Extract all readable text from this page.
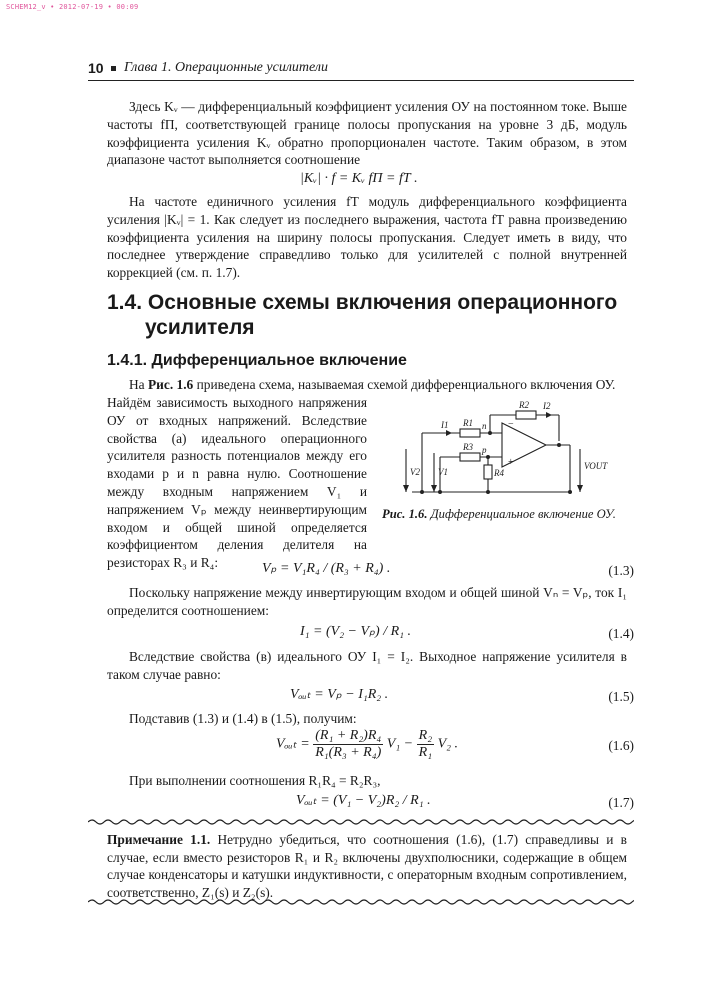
SCHEM12_v • 2012-07-19 • 00:09
10 Глава 1. Операционные усилители
Здесь Kᵥ — дифференциальный коэффициент усиления ОУ на постоянном токе. Выше частоты fП, соответствующей границе полосы пропускания на уровне 3 дБ, модуль коэффициента усиления Kᵥ обратно пропорционален частоте. Таким образом, в этом диапазоне частот выполняется соотношение
|Kᵥ| · f = Kᵥ fП = fТ .
На частоте единичного усиления fТ модуль дифференциального коэффициента усиления |Kᵥ| = 1. Как следует из последнего выражения, частота fТ равна произведению коэффициента усиления на ширину полосы пропускания. Следует иметь в виду, что последнее утверждение справедливо только для усилителей с полной внутренней коррекцией (см. п. 1.7).
1.4. Основные схемы включения операционного
усилителя
1.4.1. Дифференциальное включение
На Рис. 1.6 приведена схема, называемая схемой дифференциального включения ОУ.
Найдём зависимость выходного напряжения ОУ от входных напряжений. Вследствие свойства (а) идеального операционного усилителя разность потенциалов между его входами p и n равна нулю. Соотношение между входным напряжением V₁ и напряжением Vₚ между неинвертирующим входом и общей шиной определяется коэффициентом деления делителя на резисторах R₃ и R₄:
−
+
R1
R2
R3
R4
I1
I2
n
p
V2 V1
VOUT
Рис. 1.6. Дифференциальное включение ОУ.
Vₚ = V₁R₄ / (R₃ + R₄) .	(1.3)
Поскольку напряжение между инвертирующим входом и общей шиной Vₙ = Vₚ, ток I₁ определится соотношением:
I₁ = (V₂ − Vₚ) / R₁ .	(1.4)
Вследствие свойства (в) идеального ОУ I₁ = I₂. Выходное напряжение усилителя в таком случае равно:
Vₒᵤₜ = Vₚ − I₁R₂ .	(1.5)
Подставив (1.3) и (1.4) в (1.5), получим:
Vₒᵤₜ = $\frac{\text{(R₁ + R₂)R₄}}{\text{R₁(R₃ + R₄)}} V_1 - \frac{\text{R₂}}{\text{R₁}} V_2$ .	(1.6)
При выполнении соотношения R₁R₄ = R₂R₃,
Vₒᵤₜ = (V₁ − V₂)R₂ / R₁ .	(1.7)
Примечание 1.1. Нетрудно убедиться, что соотношения (1.6), (1.7) справедливы и в случае, если вместо резисторов R₁ и R₂ включены двухполюсники, содержащие в общем случае конденсаторы и катушки индуктивности, с операторным входным сопротивлением, соответственно, Z₁(s) и Z₂(s).
